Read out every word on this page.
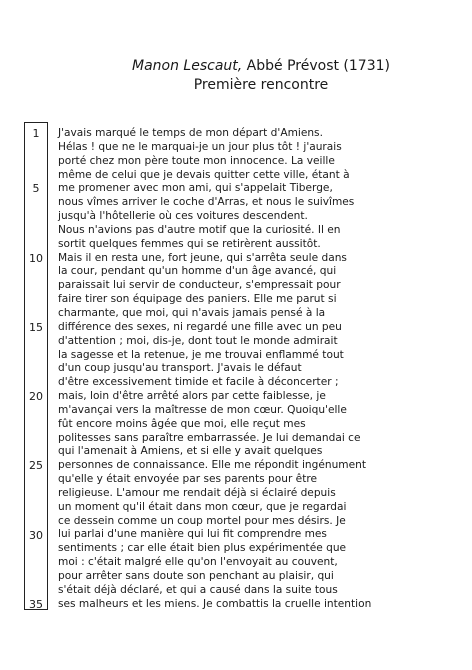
Manon Lescaut, Abbé Prévost (1731)
Première rencontre
1
5
10
15
20
25
30
35
J'avais marqué le temps de mon départ d'Amiens.
Hélas ! que ne le marquai-je un jour plus tôt ! j'aurais
porté chez mon père toute mon innocence. La veille
même de celui que je devais quitter cette ville, étant à
me promener avec mon ami, qui s'appelait Tiberge,
nous vîmes arriver le coche d'Arras, et nous le suivîmes
jusqu'à l'hôtellerie où ces voitures descendent.
Nous n'avions pas d'autre motif que la curiosité. Il en
sortit quelques femmes qui se retirèrent aussitôt.
Mais il en resta une, fort jeune, qui s'arrêta seule dans
la cour, pendant qu'un homme d'un âge avancé, qui
paraissait lui servir de conducteur, s'empressait pour
faire tirer son équipage des paniers. Elle me parut si
charmante, que moi, qui n'avais jamais pensé à la
différence des sexes, ni regardé une fille avec un peu
d'attention ; moi, dis-je, dont tout le monde admirait
la sagesse et la retenue, je me trouvai enflammé tout
d'un coup jusqu'au transport. J'avais le défaut
d'être excessivement timide et facile à déconcerter ;
mais, loin d'être arrêté alors par cette faiblesse, je
m'avançai vers la maîtresse de mon cœur. Quoiqu'elle
fût encore moins âgée que moi, elle reçut mes
politesses sans paraître embarrassée. Je lui demandai ce
qui l'amenait à Amiens, et si elle y avait quelques
personnes de connaissance. Elle me répondit ingénument
qu'elle y était envoyée par ses parents pour être
religieuse. L'amour me rendait déjà si éclairé depuis
un moment qu'il était dans mon cœur, que je regardai
ce dessein comme un coup mortel pour mes désirs. Je
lui parlai d'une manière qui lui fit comprendre mes
sentiments ; car elle était bien plus expérimentée que
moi : c'était malgré elle qu'on l'envoyait au couvent,
pour arrêter sans doute son penchant au plaisir, qui
s'était déjà déclaré, et qui a causé dans la suite tous
ses malheurs et les miens. Je combattis la cruelle intention
